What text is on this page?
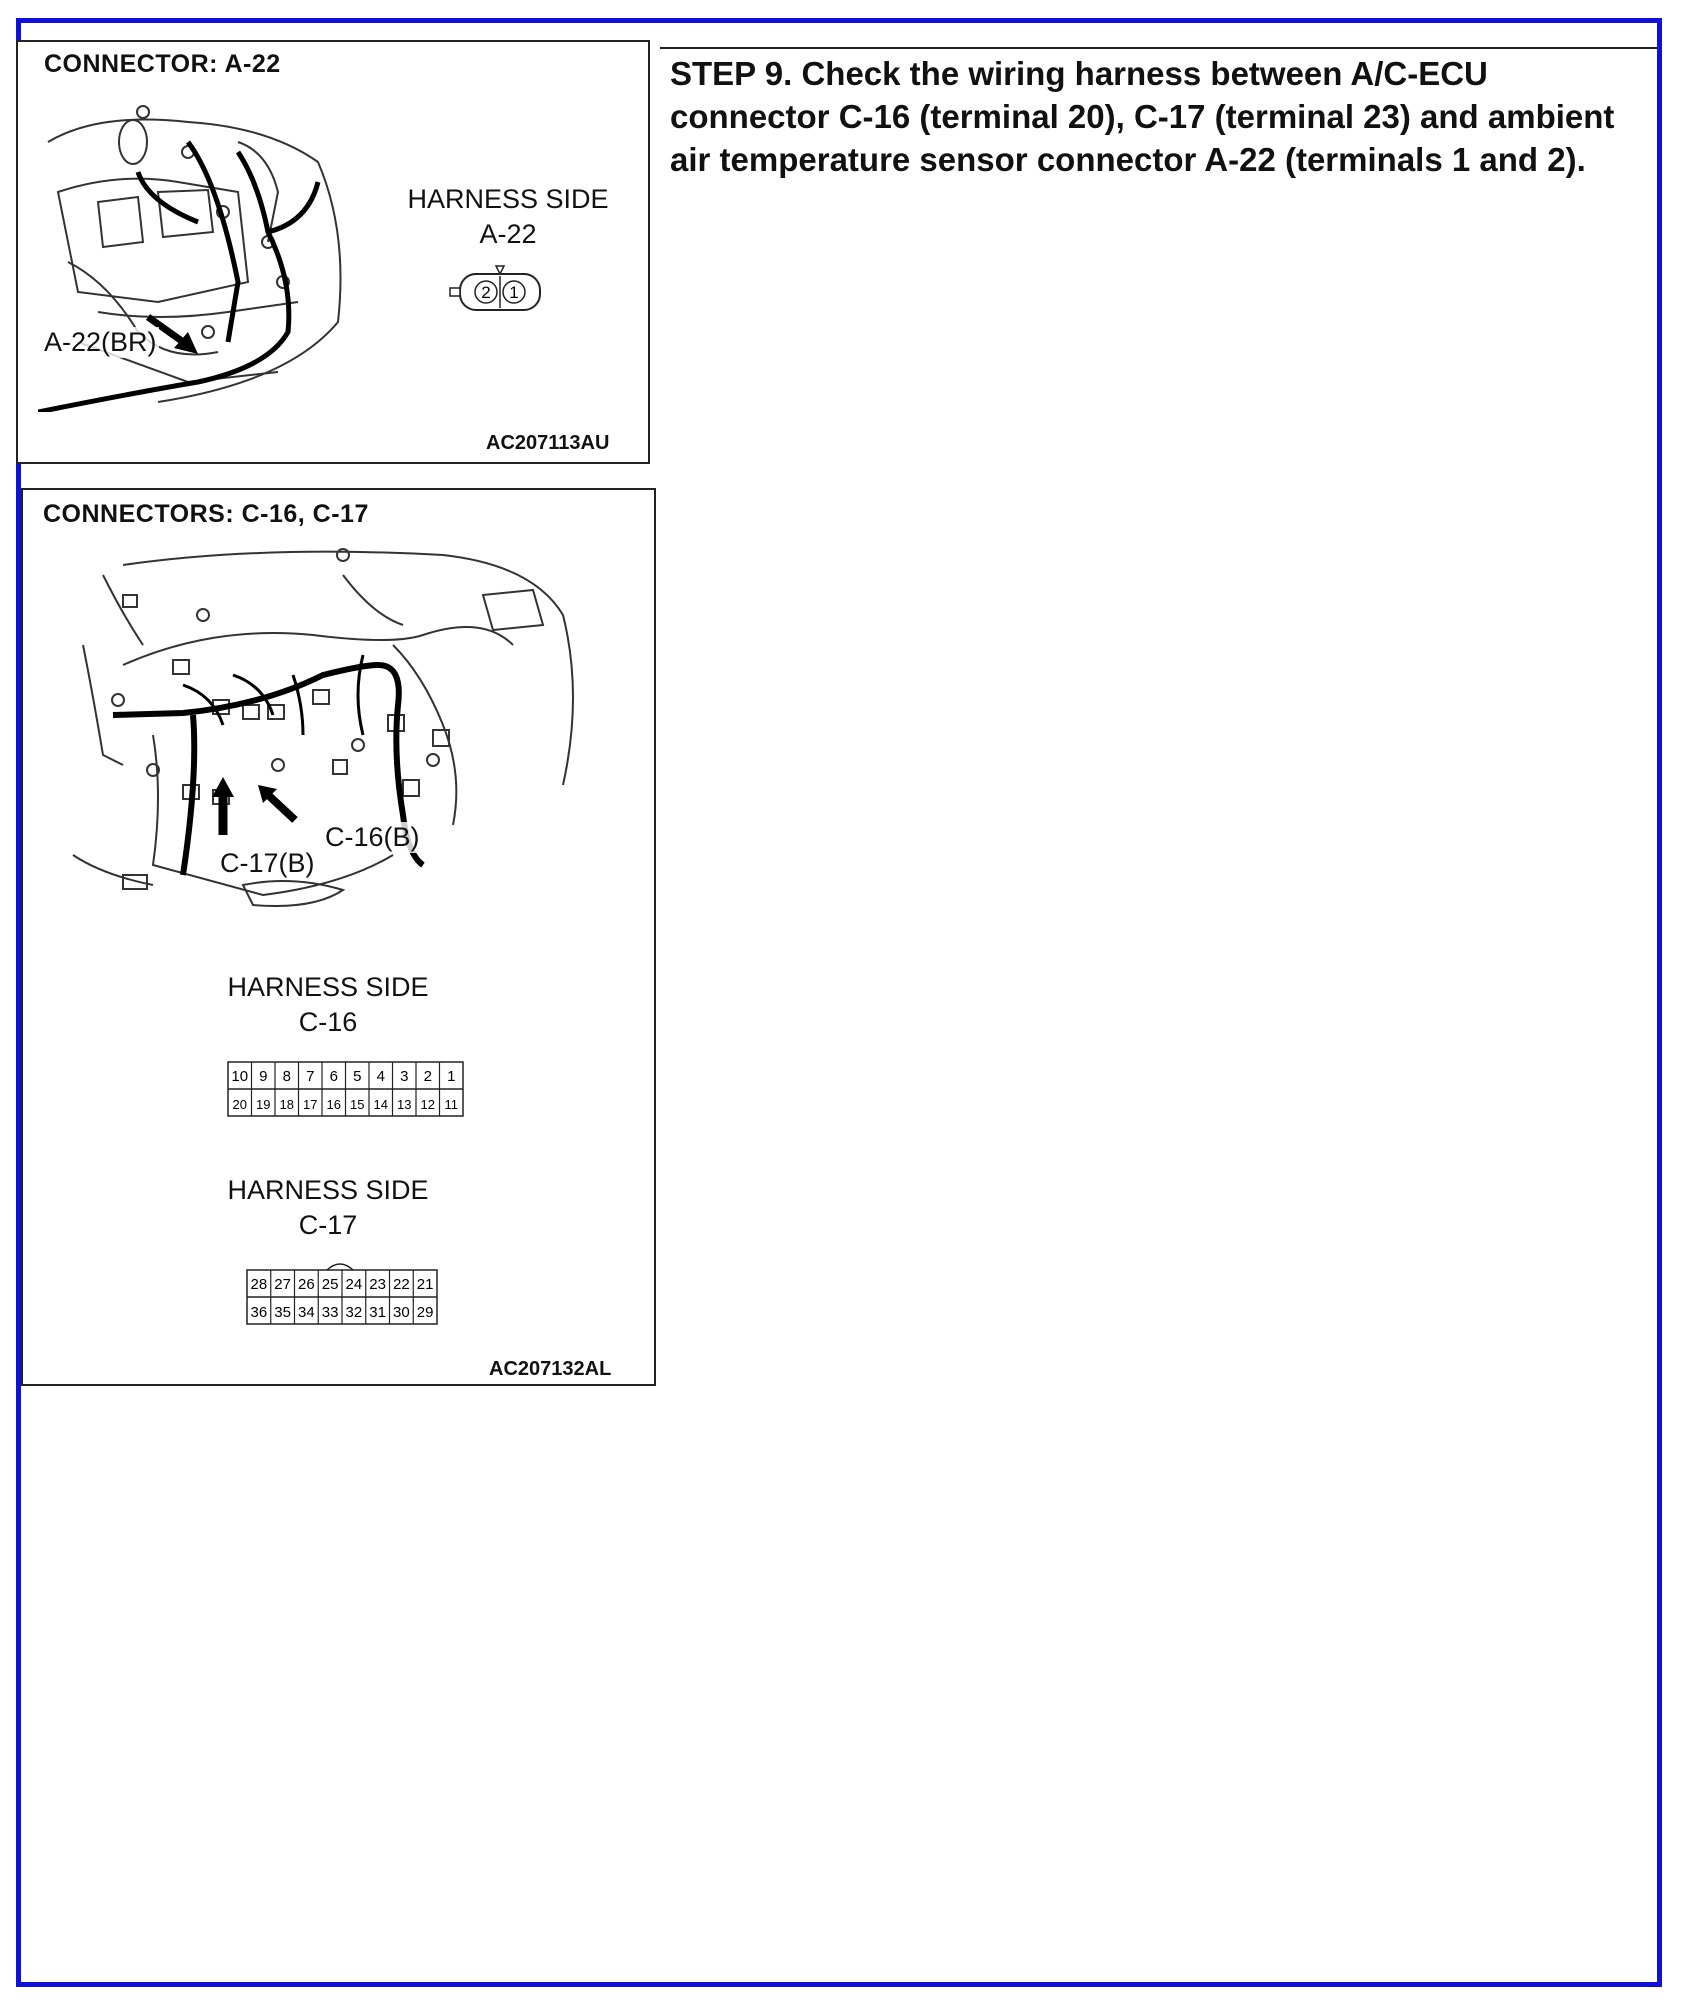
CONNECTOR: A-22
A-22(BR)
HARNESS SIDE
A-22
2 1
AC207113AU
CONNECTORS: C-16, C-17
C-16(B)
C-17(B)
HARNESS SIDE
C-16
10 9 8 7 6 5 4 3 2 1
20 19 18 17 16 15 14 13 12 11
HARNESS SIDE
C-17
28 27 26 25 24 23 22 21
36 35 34 33 32 31 30 29
AC207132AL
STEP 9. Check the wiring harness between A/C-ECU connector C-16 (terminal 20), C-17 (terminal 23) and ambient air temperature sensor connector A-22 (terminals 1 and 2).
